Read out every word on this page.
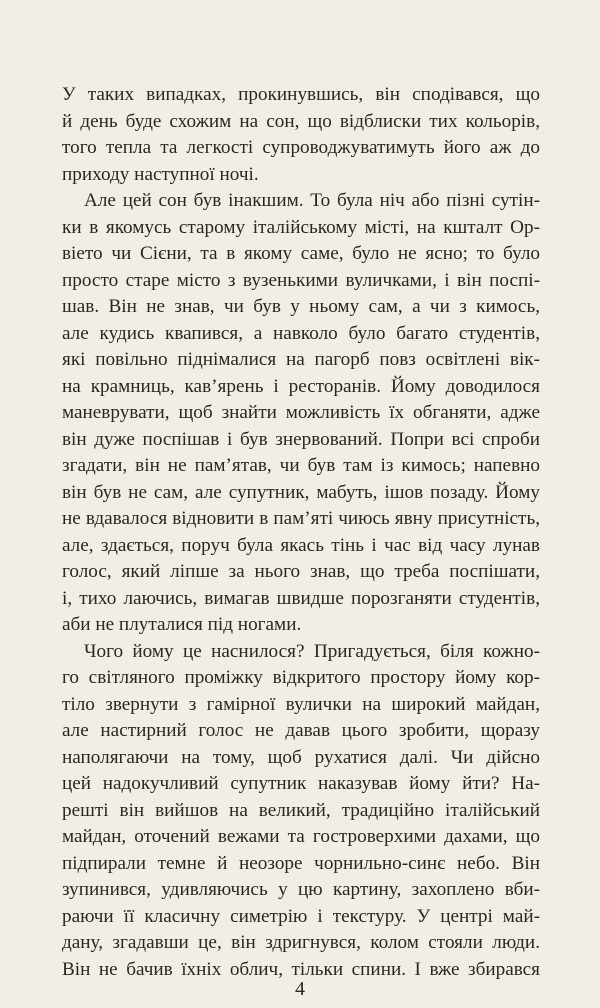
У таких випадках, прокинувшись, він сподівався, що
й день буде схожим на сон, що відблиски тих кольорів,
того тепла та легкості супроводжуватимуть його аж до
приходу наступної ночі.
Але цей сон був інакшим. То була ніч або пізні сутін-
ки в якомусь старому італійському місті, на кшталт Ор-
віето чи Сієни, та в якому саме, було не ясно; то було
просто старе місто з вузенькими вуличками, і він поспі-
шав. Він не знав, чи був у ньому сам, а чи з кимось,
але кудись квапився, а навколо було багато студентів,
які повільно піднімалися на пагорб повз освітлені вік-
на крамниць, кав’ярень і ресторанів. Йому доводилося
маневрувати, щоб знайти можливість їх обганяти, адже
він дуже поспішав і був знервований. Попри всі спроби
згадати, він не пам’ятав, чи був там із кимось; напевно
він був не сам, але супутник, мабуть, ішов позаду. Йому
не вдавалося відновити в пам’яті чиюсь явну присутність,
але, здається, поруч була якась тінь і час від часу лунав
голос, який ліпше за нього знав, що треба поспішати,
і, тихо лаючись, вимагав швидше порозганяти студентів,
аби не плуталися під ногами.
Чого йому це наснилося? Пригадується, біля кожно-
го світляного проміжку відкритого простору йому кор-
тіло звернути з гамірної вулички на широкий майдан,
але настирний голос не давав цього зробити, щоразу
наполягаючи на тому, щоб рухатися далі. Чи дійсно
цей надокучливий супутник наказував йому йти? На-
решті він вийшов на великий, традиційно італійський
майдан, оточений вежами та гостроверхими дахами, що
підпирали темне й неозоре чорнильно-синє небо. Він
зупинився, удивляючись у цю картину, захоплено вби-
раючи її класичну симетрію і текстуру. У центрі май-
дану, згадавши це, він здригнувся, колом стояли люди.
Він не бачив їхніх облич, тільки спини. І вже збирався
4
